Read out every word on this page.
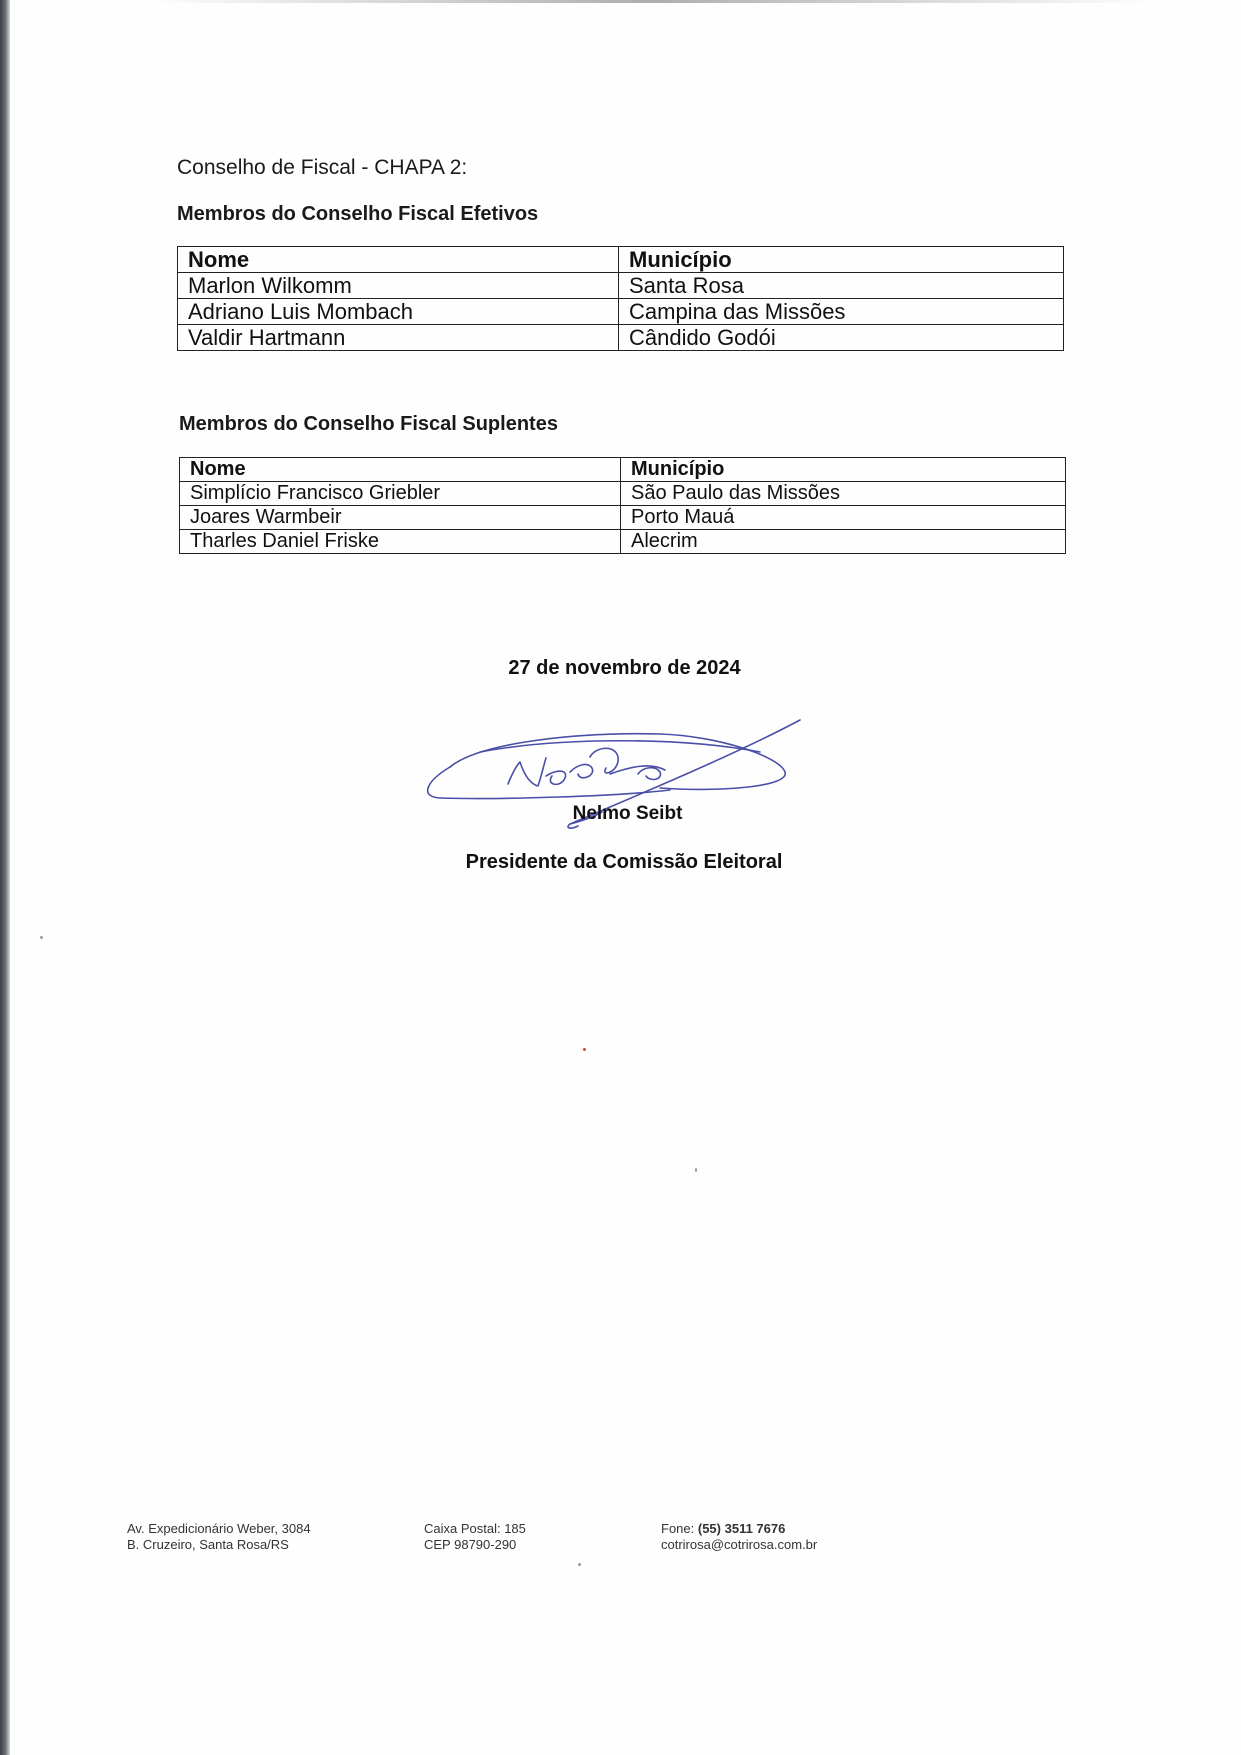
Conselho de Fiscal - CHAPA 2:
Membros do Conselho Fiscal Efetivos
Nome	Município
Marlon Wilkomm	Santa Rosa
Adriano Luis Mombach	Campina das Missões
Valdir Hartmann	Cândido Godói
Membros do Conselho Fiscal Suplentes
Nome	Município
Simplício Francisco Griebler	São Paulo das Missões
Joares Warmbeir	Porto Mauá
Tharles Daniel Friske	Alecrim
27 de novembro de 2024
Nelmo Seibt
Presidente da Comissão Eleitoral
Av. Expedicionário Weber, 3084
B. Cruzeiro, Santa Rosa/RS
Caixa Postal: 185
CEP 98790-290
Fone: (55) 3511 7676
cotrirosa@cotrirosa.com.br
